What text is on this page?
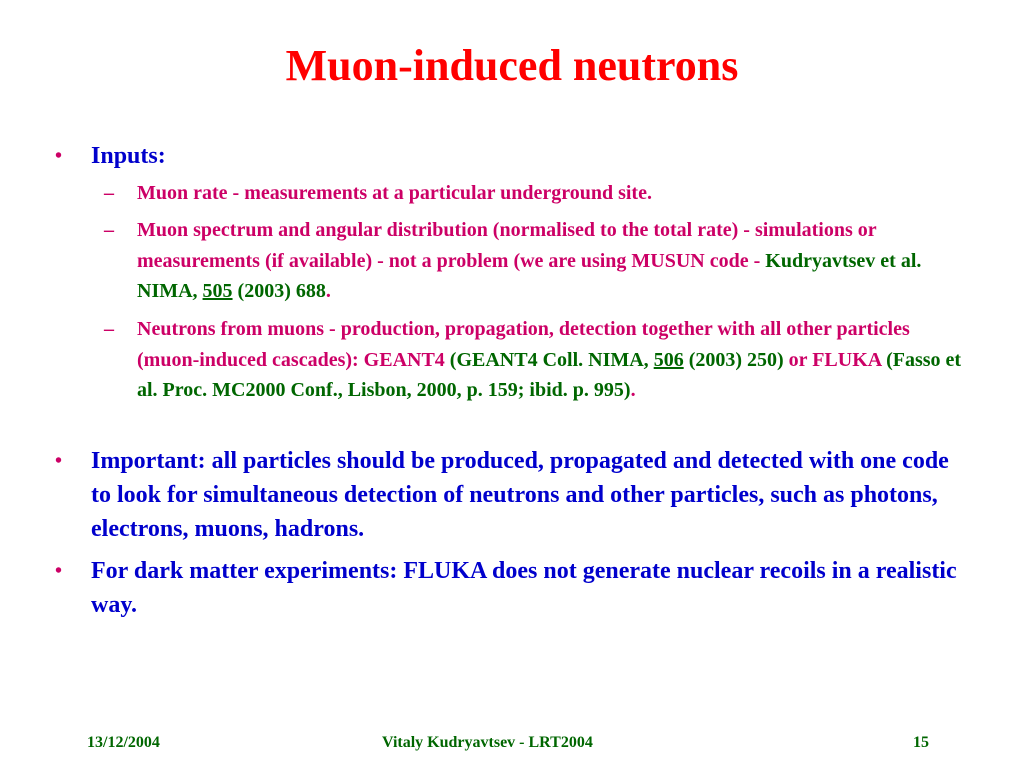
Muon-induced neutrons
• Inputs:
– Muon rate - measurements at a particular underground site.
– Muon spectrum and angular distribution (normalised to the total rate) - simulations or measurements (if available) - not a problem (we are using MUSUN code - Kudryavtsev et al. NIMA, 505 (2003) 688.
– Neutrons from muons - production, propagation, detection together with all other particles (muon-induced cascades): GEANT4 (GEANT4 Coll. NIMA, 506 (2003) 250) or FLUKA (Fasso et al. Proc. MC2000 Conf., Lisbon, 2000, p. 159; ibid. p. 995).
• Important: all particles should be produced, propagated and detected with one code to look for simultaneous detection of neutrons and other particles, such as photons, electrons, muons, hadrons.
• For dark matter experiments: FLUKA does not generate nuclear recoils in a realistic way.
13/12/2004	Vitaly Kudryavtsev - LRT2004	15
